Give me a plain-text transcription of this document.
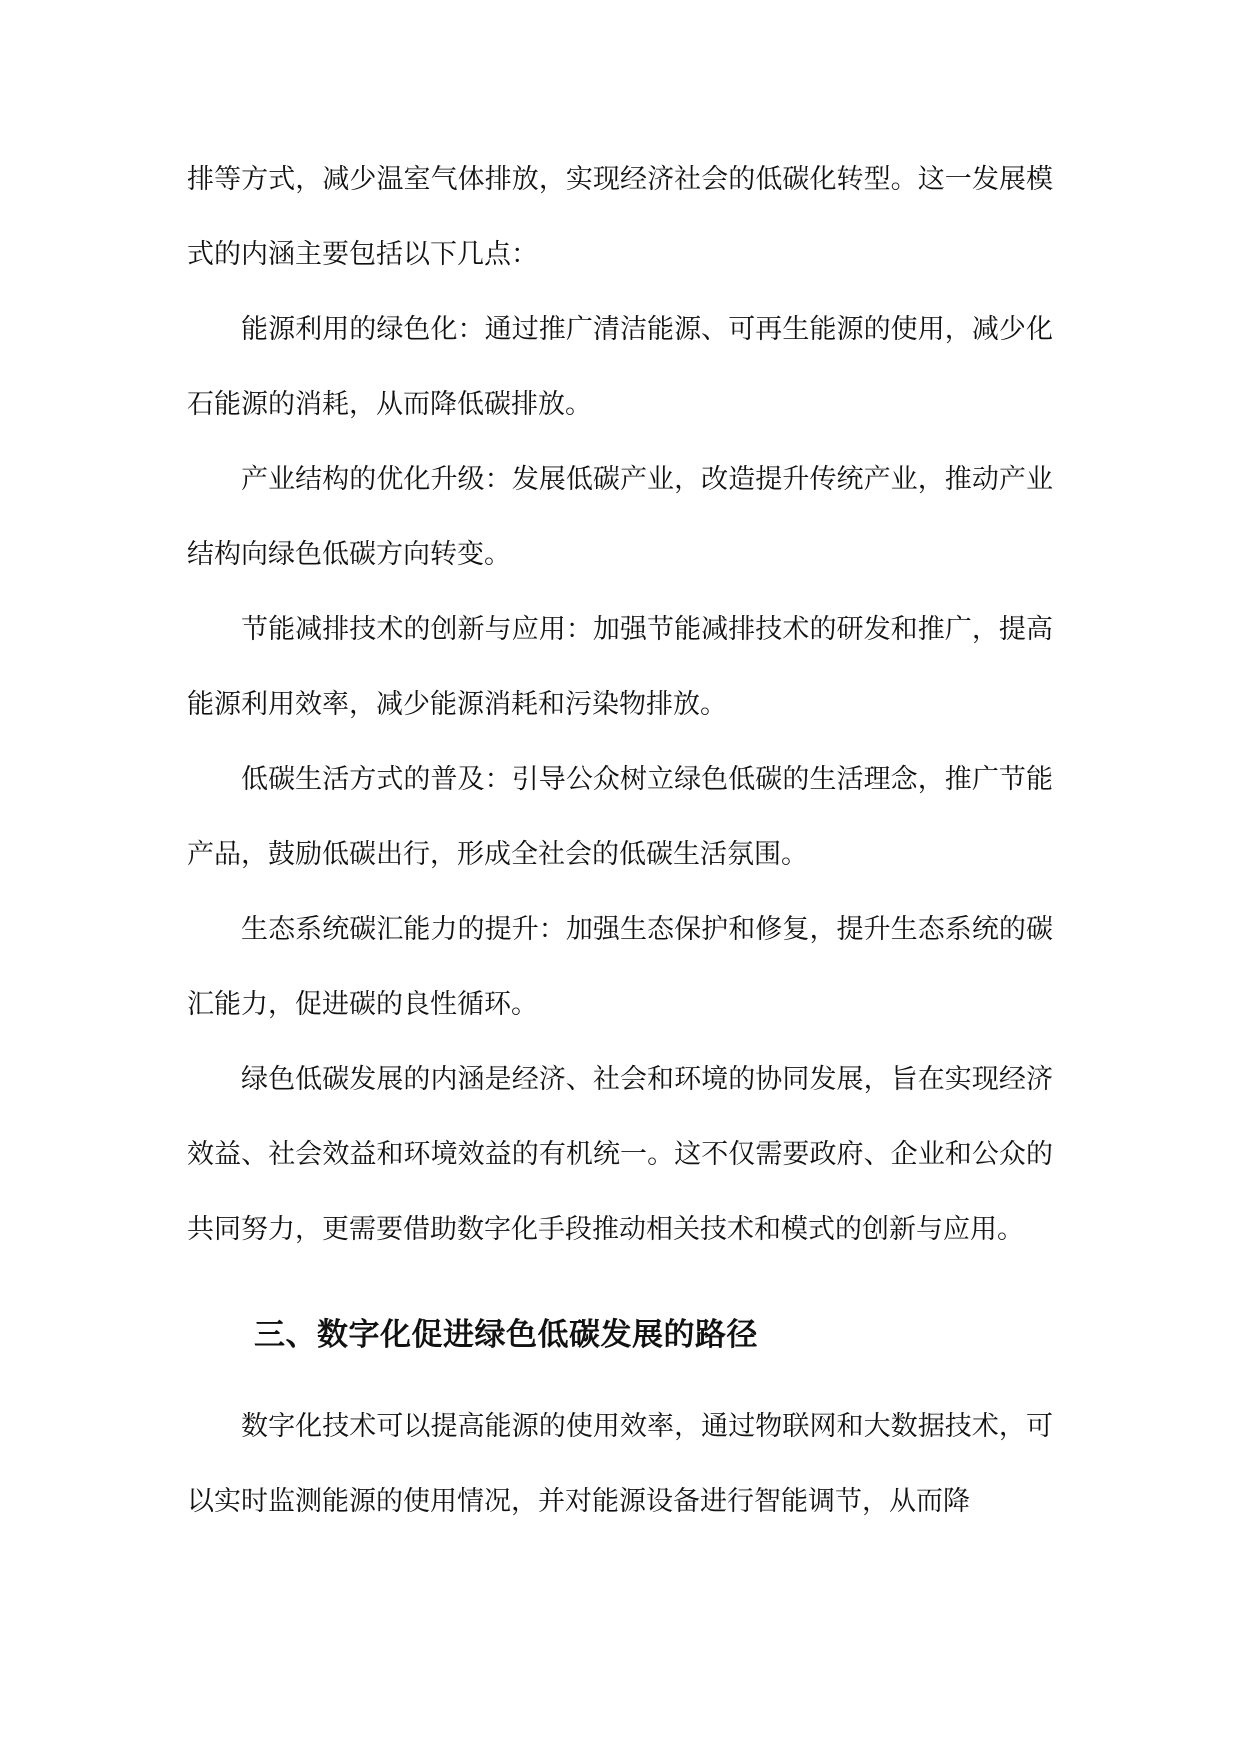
排等方式，减少温室气体排放，实现经济社会的低碳化转型。这一发展模式的内涵主要包括以下几点：

能源利用的绿色化：通过推广清洁能源、可再生能源的使用，减少化石能源的消耗，从而降低碳排放。

产业结构的优化升级：发展低碳产业，改造提升传统产业，推动产业结构向绿色低碳方向转变。

节能减排技术的创新与应用：加强节能减排技术的研发和推广，提高能源利用效率，减少能源消耗和污染物排放。

低碳生活方式的普及：引导公众树立绿色低碳的生活理念，推广节能产品，鼓励低碳出行，形成全社会的低碳生活氛围。

生态系统碳汇能力的提升：加强生态保护和修复，提升生态系统的碳汇能力，促进碳的良性循环。

绿色低碳发展的内涵是经济、社会和环境的协同发展，旨在实现经济效益、社会效益和环境效益的有机统一。这不仅需要政府、企业和公众的共同努力，更需要借助数字化手段推动相关技术和模式的创新与应用。

三、数字化促进绿色低碳发展的路径

数字化技术可以提高能源的使用效率，通过物联网和大数据技术，可以实时监测能源的使用情况，并对能源设备进行智能调节，从而降
